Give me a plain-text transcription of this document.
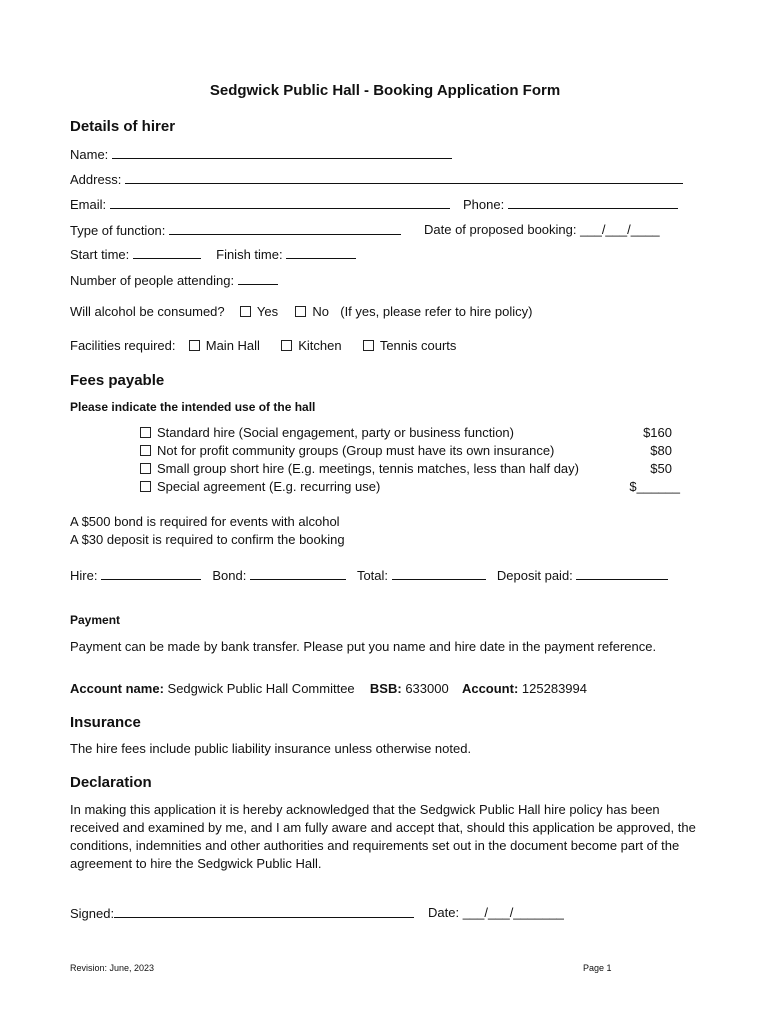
Sedgwick Public Hall - Booking Application Form
Details of hirer
Name:
Address:
Email:	Phone:
Type of function:	Date of proposed booking: ___/___/____
Start time:	Finish time:
Number of people attending:
Will alcohol be consumed? Yes	No (If yes, please refer to hire policy)
Facilities required: Main Hall	Kitchen	Tennis courts
Fees payable
Please indicate the intended use of the hall
Standard hire (Social engagement, party or business function)	$160
Not for profit community groups (Group must have its own insurance)	$80
Small group short hire (E.g. meetings, tennis matches, less than half day)	$50
Special agreement (E.g. recurring use)	$______
A $500 bond is required for events with alcohol
A $30 deposit is required to confirm the booking
Hire:	Bond:	Total:	Deposit paid:
Payment
Payment can be made by bank transfer. Please put you name and hire date in the payment reference.
Account name: Sedgwick Public Hall Committee BSB: 633000 Account: 125283994
Insurance
The hire fees include public liability insurance unless otherwise noted.
Declaration
In making this application it is hereby acknowledged that the Sedgwick Public Hall hire policy has been received and examined by me, and I am fully aware and accept that, should this application be approved, the conditions, indemnities and other authorities and requirements set out in the document become part of the agreement to hire the Sedgwick Public Hall.
Signed:	Date: ___/___/_______
Revision: June, 2023	Page 1
